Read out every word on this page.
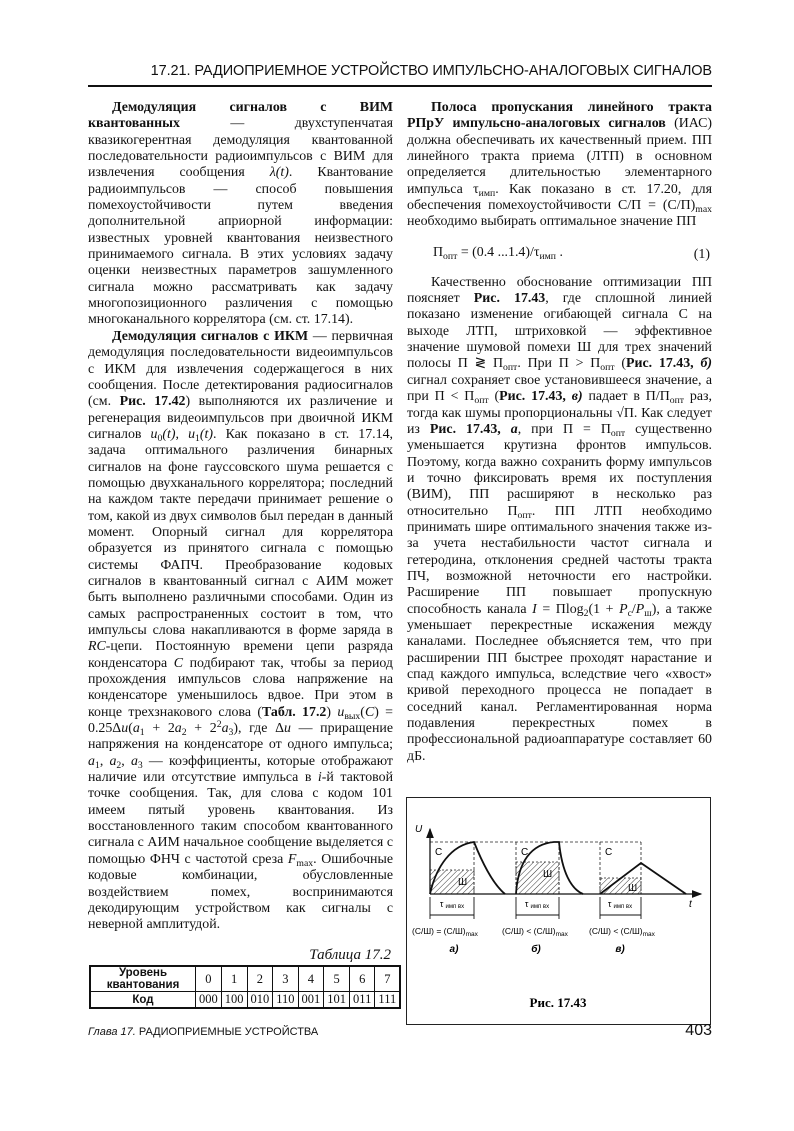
17.21. РАДИОПРИЕМНОЕ УСТРОЙСТВО ИМПУЛЬСНО-АНАЛОГОВЫХ СИГНАЛОВ

Демодуляция сигналов с ВИМ квантованных — двухступенчатая квазикогерентная демодуляция квантованной последовательности радиоимпульсов с ВИМ для извлечения сообщения λ(t). Квантование радиоимпульсов — способ повышения помехоустойчивости путем введения дополнительной априорной информации: известных уровней квантования неизвестного принимаемого сигнала. В этих условиях задачу оценки неизвестных параметров зашумленного сигнала можно рассматривать как задачу многопозиционного различения с помощью многоканального коррелятора (см. ст. 17.14).

Демодуляция сигналов с ИКМ — первичная демодуляция последовательности видеоимпульсов с ИКМ для извлечения содержащегося в них сообщения. После детектирования радиосигналов (см. Рис. 17.42) выполняются их различение и регенерация видеоимпульсов при двоичной ИКМ сигналов $u_0(t)$, $u_1(t)$. Как показано в ст. 17.14, задача оптимального различения бинарных сигналов на фоне гауссовского шума решается с помощью двухканального коррелятора; последний на каждом такте передачи принимает решение о том, какой из двух символов был передан в данный момент. Опорный сигнал для коррелятора образуется из принятого сигнала с помощью системы ФАПЧ. Преобразование кодовых сигналов в квантованный сигнал с АИМ может быть выполнено различными способами. Один из самых распространенных состоит в том, что импульсы слова накапливаются в форме заряда в RC-цепи. Постоянную времени цепи разряда конденсатора C подбирают так, чтобы за период прохождения импульсов слова напряжение на конденсаторе уменьшилось вдвое. При этом в конце трехзнакового слова (Табл. 17.2) $u_{вых}(C) = 0.25\Delta u(a_1 + 2a_2 + 2^2a_3)$, где Δu — приращение напряжения на конденсаторе от одного импульса; $a_1$, $a_2$, $a_3$ — коэффициенты, которые отображают наличие или отсутствие импульса в i-й тактовой точке сообщения. Так, для слова с кодом 101 имеем пятый уровень квантования. Из восстановленного таким способом квантованного сигнала с АИМ начальное сообщение выделяется с помощью ФНЧ с частотой среза $F_{max}$. Ошибочные кодовые комбинации, обусловленные воздействием помех, воспринимаются декодирующим устройством как сигналы с неверной амплитудой.

Полоса пропускания линейного тракта РПрУ импульсно-аналоговых сигналов (ИАС) должна обеспечивать их качественный прием. ПП линейного тракта приема (ЛТП) в основном определяется длительностью элементарного импульса $\tau_{имп}$. Как показано в ст. 17.20, для обеспечения помехоустойчивости $С/П = (С/П)_{max}$ необходимо выбирать оптимальное значение ПП

$П_{опт} = (0.4$ $...1.4)/\tau_{имп}$ .	(1)

Качественно обоснование оптимизации ПП поясняет Рис. 17.43, где сплошной линией показано изменение огибающей сигнала С на выходе ЛТП, штриховкой — эффективное значение шумовой помехи Ш для трех значений полосы П ≷ $П_{опт}$. При $П > П_{опт}$ (Рис. 17.43, б) сигнал сохраняет свое установившееся значение, а при $П < П_{опт}$ (Рис. 17.43, в) падает в $П/П_{опт}$ раз, тогда как шумы пропорциональны √П. Как следует из Рис. 17.43, а, при $П = П_{опт}$ существенно уменьшается крутизна фронтов импульсов. Поэтому, когда важно сохранить форму импульсов и точно фиксировать время их поступления (ВИМ), ПП расширяют в несколько раз относительно $П_{опт}$. ПП ЛТП необходимо принимать шире оптимального значения также из-за учета нестабильности частот сигнала и гетеродина, отклонения средней частоты тракта ПЧ, возможной неточности его настройки. Расширение ПП повышает пропускную способность канала $I = П\log_2(1 + P_c/P_ш)$, а также уменьшает перекрестные искажения между каналами. Последнее объясняется тем, что при расширении ПП быстрее проходят нарастание и спад каждого импульса, вследствие чего «хвост» кривой переходного процесса не попадает в соседний канал. Регламентированная норма подавления перекрестных помех в профессиональной радиоаппаратуре составляет 60 дБ.

Таблица 17.2
Уровень квантования	0	1	2	3	4	5	6	7
Код	000	100	010	110	001	101	011	111
U
t
С
Ш
τимп вх
$(С/Ш) = (С/Ш)_{max}$
а)
С
Ш
τимп вх
$(С/Ш) < (С/Ш)_{max}$
б)
С
Ш
τимп вх
$(С/Ш) < (С/Ш)_{max}$
в)
Рис. 17.43
Глава 17. РАДИОПРИЕМНЫЕ УСТРОЙСТВА	403
